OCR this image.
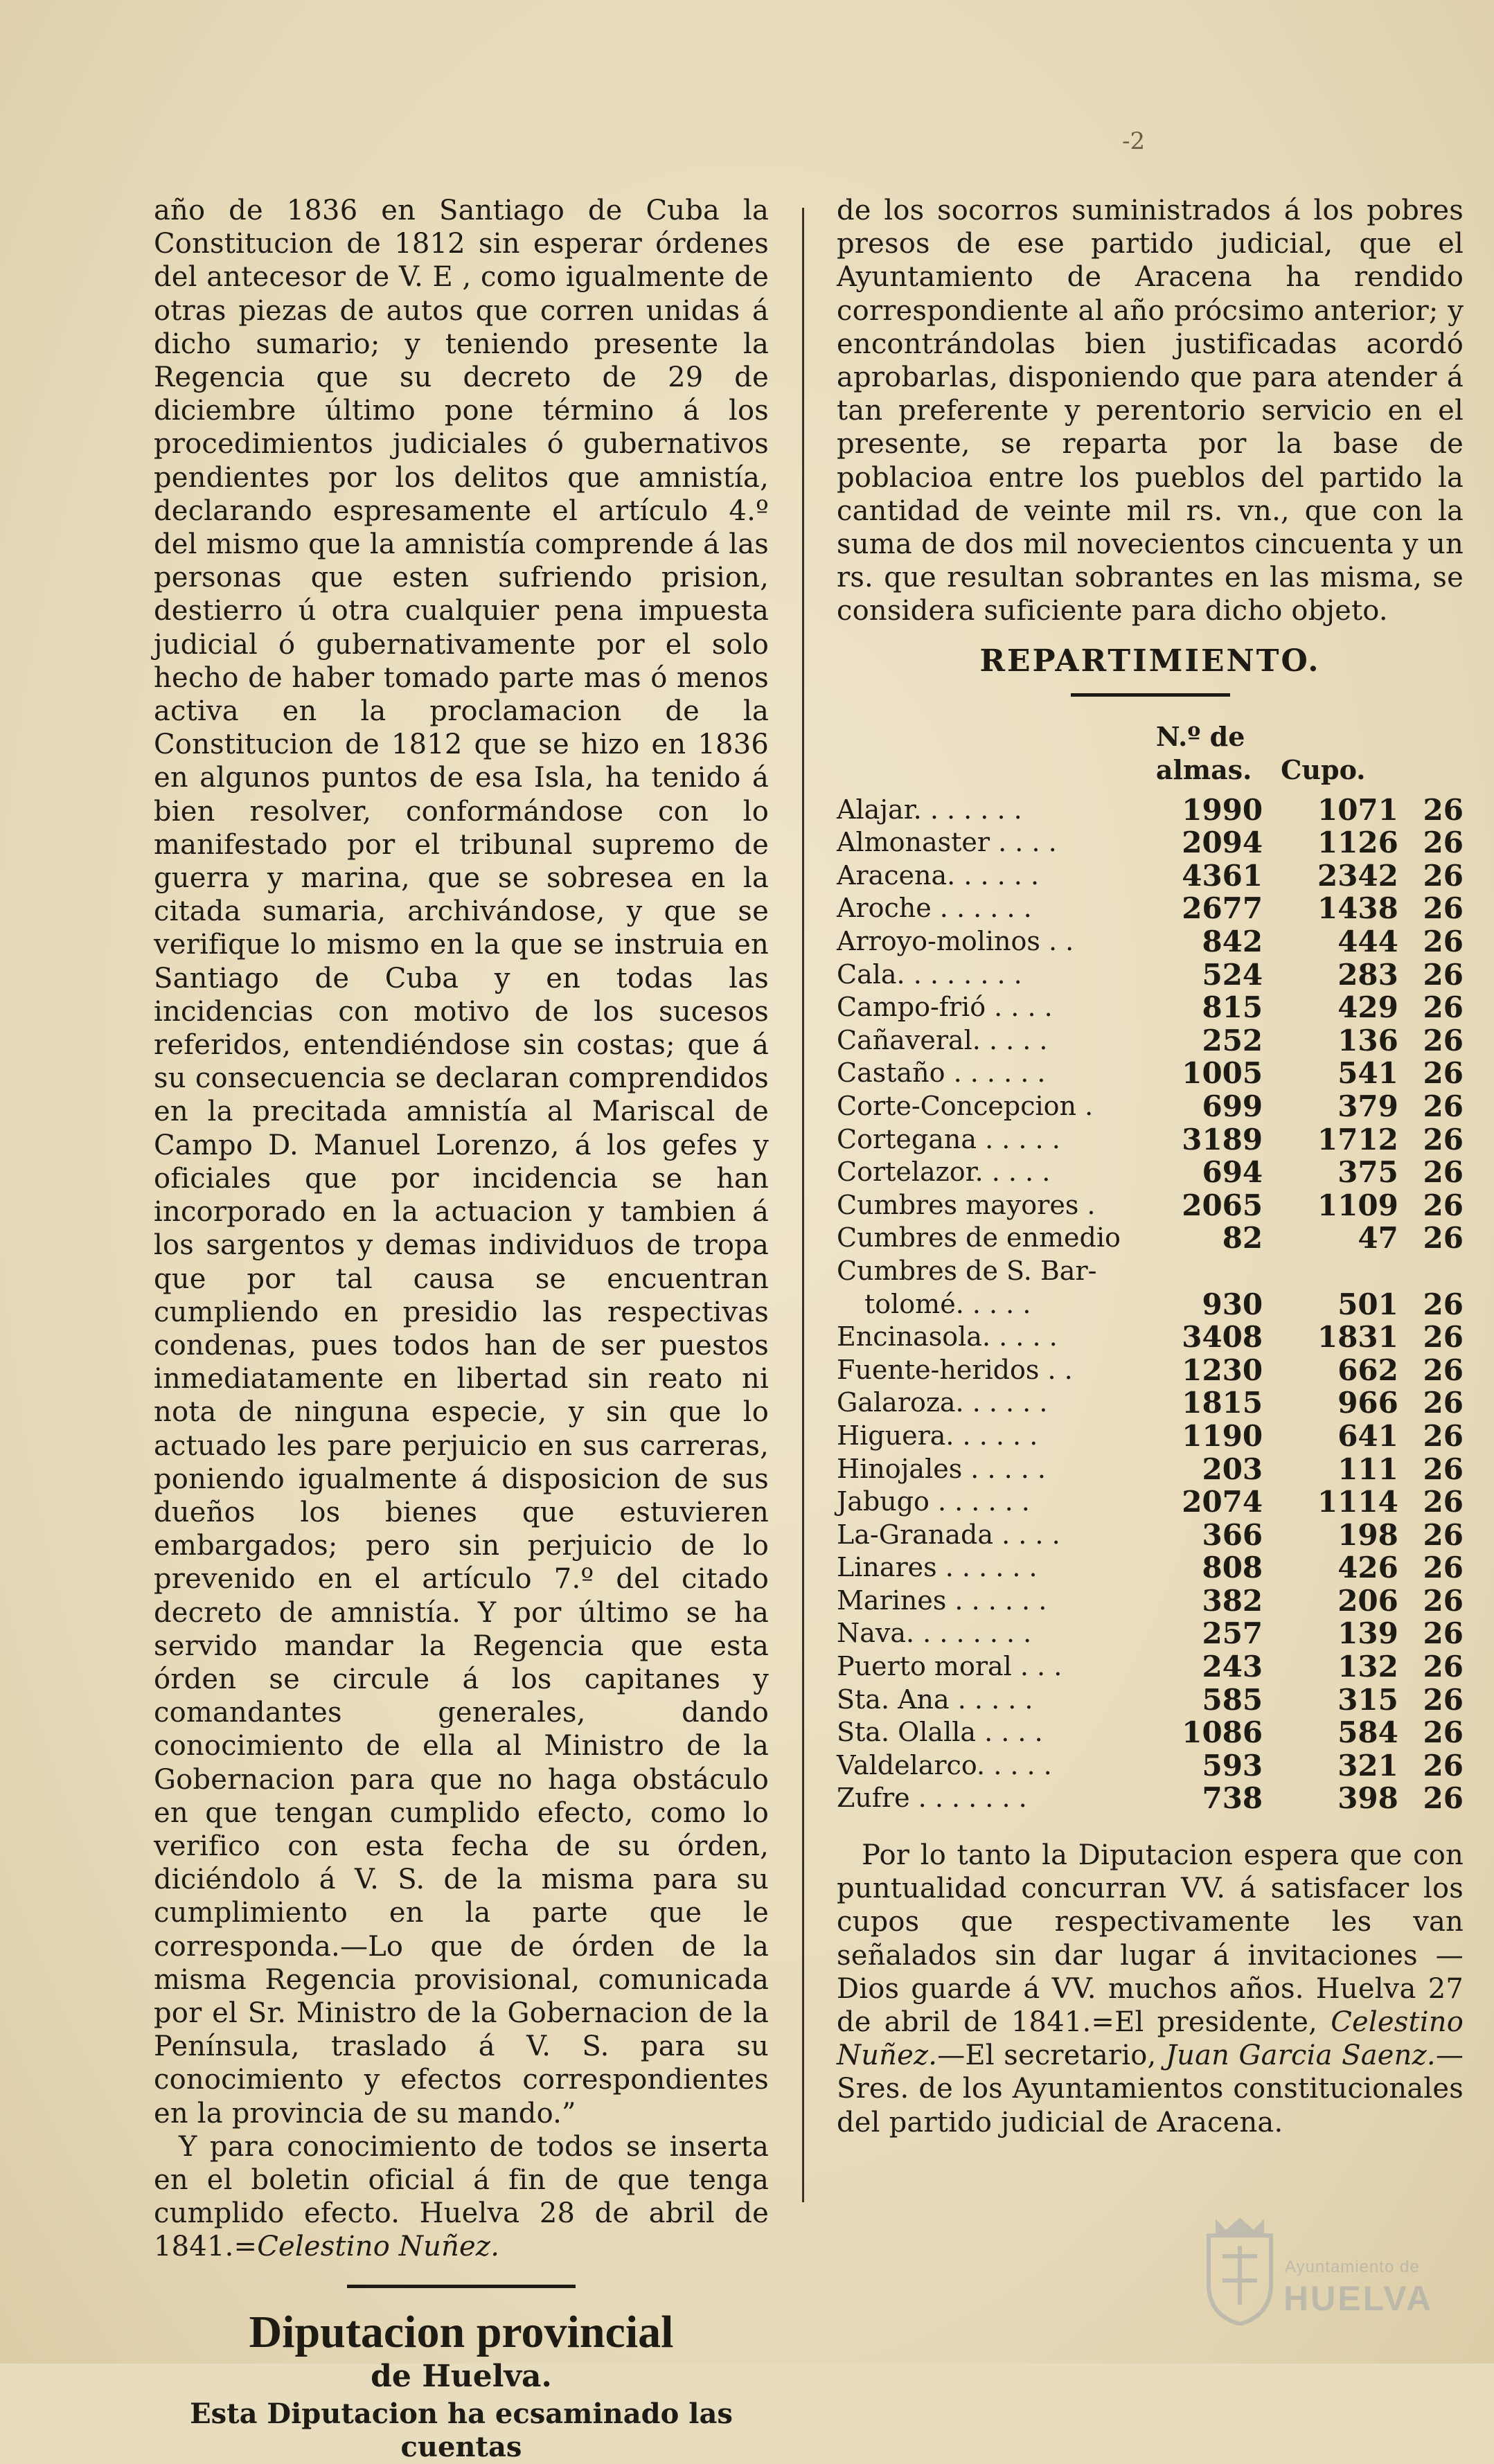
-2

año de 1836 en Santiago de Cuba la Constitucion de 1812 sin esperar órdenes del antecesor de V. E , como igualmente de otras piezas de autos que corren unidas á dicho sumario; y teniendo presente la Regencia que su decreto de 29 de diciembre último pone término á los procedimientos judiciales ó gubernativos pendientes por los delitos que amnistía, declarando espresamente el artículo 4.º del mismo que la amnistía comprende á las personas que esten sufriendo prision, destierro ú otra cualquier pena impuesta judicial ó gubernativamente por el solo hecho de haber tomado parte mas ó menos activa en la proclamacion de la Constitucion de 1812 que se hizo en 1836 en algunos puntos de esa Isla, ha tenido á bien resolver, conformándose con lo manifestado por el tribunal supremo de guerra y marina, que se sobresea en la citada sumaria, archivándose, y que se verifique lo mismo en la que se instruia en Santiago de Cuba y en todas las incidencias con motivo de los sucesos referidos, entendiéndose sin costas; que á su consecuencia se declaran comprendidos en la precitada amnistía al Mariscal de Campo D. Manuel Lorenzo, á los gefes y oficiales que por incidencia se han incorporado en la actuacion y tambien á los sargentos y demas individuos de tropa que por tal causa se encuentran cumpliendo en presidio las respectivas condenas, pues todos han de ser puestos inmediatamente en libertad sin reato ni nota de ninguna especie, y sin que lo actuado les pare perjuicio en sus carreras, poniendo igualmente á disposicion de sus dueños los bienes que estuvieren embargados; pero sin perjuicio de lo prevenido en el artículo 7.º del citado decreto de amnistía. Y por último se ha servido mandar la Regencia que esta órden se circule á los capitanes y comandantes generales, dando conocimiento de ella al Ministro de la Gobernacion para que no haga obstáculo en que tengan cumplido efecto, como lo verifico con esta fecha de su órden, diciéndolo á V. S. de la misma para su cumplimiento en la parte que le corresponda.—Lo que de órden de la misma Regencia provisional, comunicada por el Sr. Ministro de la Gobernacion de la Península, traslado á V. S. para su conocimiento y efectos correspondientes en la provincia de su mando.”

Y para conocimiento de todos se inserta en el boletin oficial á fin de que tenga cumplido efecto. Huelva 28 de abril de 1841.=Celestino Nuñez.

Diputacion provincial
de Huelva.

Esta Diputacion ha ecsaminado las cuentas

de los socorros suministrados á los pobres presos de ese partido judicial, que el Ayuntamiento de Aracena ha rendido correspondiente al año prócsimo anterior; y encontrándolas bien justificadas acordó aprobarlas, disponiendo que para atender á tan preferente y perentorio servicio en el presente, se reparta por la base de poblacioa entre los pueblos del partido la cantidad de veinte mil rs. vn., que con la suma de dos mil novecientos cincuenta y un rs. que resultan sobrantes en las misma, se considera suficiente para dicho objeto.

REPARTIMIENTO.
	N.º de
almas.	Cupo.	
Alajar. . . . . . .	1990	1071	26
Almonaster . . . .	2094	1126	26
Aracena. . . . . .	4361	2342	26
Aroche . . . . . .	2677	1438	26
Arroyo-molinos . .	842	444	26
Cala. . . . . . . .	524	283	26
Campo-frió . . . .	815	429	26
Cañaveral. . . . .	252	136	26
Castaño . . . . . .	1005	541	26
Corte-Concepcion .	699	379	26
Cortegana . . . . .	3189	1712	26
Cortelazor. . . . .	694	375	26
Cumbres mayores .	2065	1109	26
Cumbres de enmedio	82	47	26
Cumbres de S. Bar-			
tolomé. . . . .	930	501	26
Encinasola. . . . .	3408	1831	26
Fuente-heridos . .	1230	662	26
Galaroza. . . . . .	1815	966	26
Higuera. . . . . .	1190	641	26
Hinojales . . . . .	203	111	26
Jabugo . . . . . .	2074	1114	26
La-Granada . . . .	366	198	26
Linares . . . . . .	808	426	26
Marines . . . . . .	382	206	26
Nava. . . . . . . .	257	139	26
Puerto moral . . .	243	132	26
Sta. Ana . . . . .	585	315	26
Sta. Olalla . . . .	1086	584	26
Valdelarco. . . . .	593	321	26
Zufre . . . . . . .	738	398	26

Por lo tanto la Diputacion espera que con puntualidad concurran VV. á satisfacer los cupos que respectivamente les van señalados sin dar lugar á invitaciones —Dios guarde á VV. muchos años. Huelva 27 de abril de 1841.=El presidente, Celestino Nuñez.—El secretario, Juan Garcia Saenz.—Sres. de los Ayuntamientos constitucionales del partido judicial de Aracena.

Ayuntamiento de
HUELVA
